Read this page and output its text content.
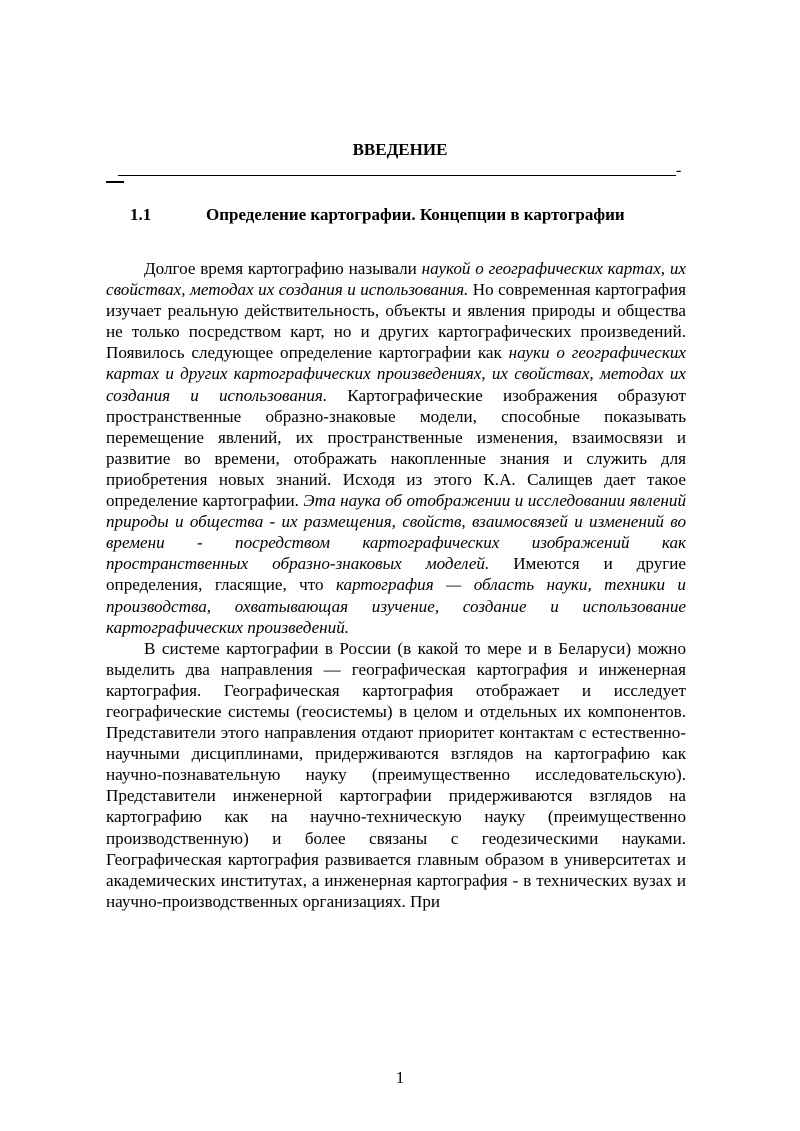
ВВЕДЕНИЕ
-
1.1	Определение картографии. Концепции в картографии

Долгое время картографию называли наукой о географических картах, их свойствах, методах их создания и использования. Но современная картография изучает реальную действительность, объекты и явления природы и общества не только посредством карт, но и других картографических произведений. Появилось следующее определение картографии как науки о географических картах и других картографических произведениях, их свойствах, методах их создания и использования. Картографические изображения образуют пространственные образно-знаковые модели, способные показывать перемещение явлений, их пространственные изменения, взаимосвязи и развитие во времени, отображать накопленные знания и служить для приобретения новых знаний. Исходя из этого К.А. Салищев дает такое определение картографии. Эта наука об отображении и исследовании явлений природы и общества - их размещения, свойств, взаимосвязей и изменений во времени - посредством картографических изображений как пространственных образно-знаковых моделей. Имеются и другие определения, гласящие, что картография — область науки, техники и производства, охватывающая изучение, создание и использование картографических произведений.

В системе картографии в России (в какой то мере и в Беларуси) можно выделить два направления — географическая картография и инженерная картография. Географическая картография отображает и исследует географические системы (геосистемы) в целом и отдельных их компонентов. Представители этого направления отдают приоритет контактам с естественно-научными дисциплинами, придерживаются взглядов на картографию как научно-познавательную науку (преимущественно исследовательскую). Представители инженерной картографии придерживаются взглядов на картографию как на научно-техническую науку (преимущественно производственную) и более связаны с геодезическими науками. Географическая картография развивается главным образом в университетах и академических институтах, а инженерная картография - в технических вузах и научно-производственных организациях. При

1
